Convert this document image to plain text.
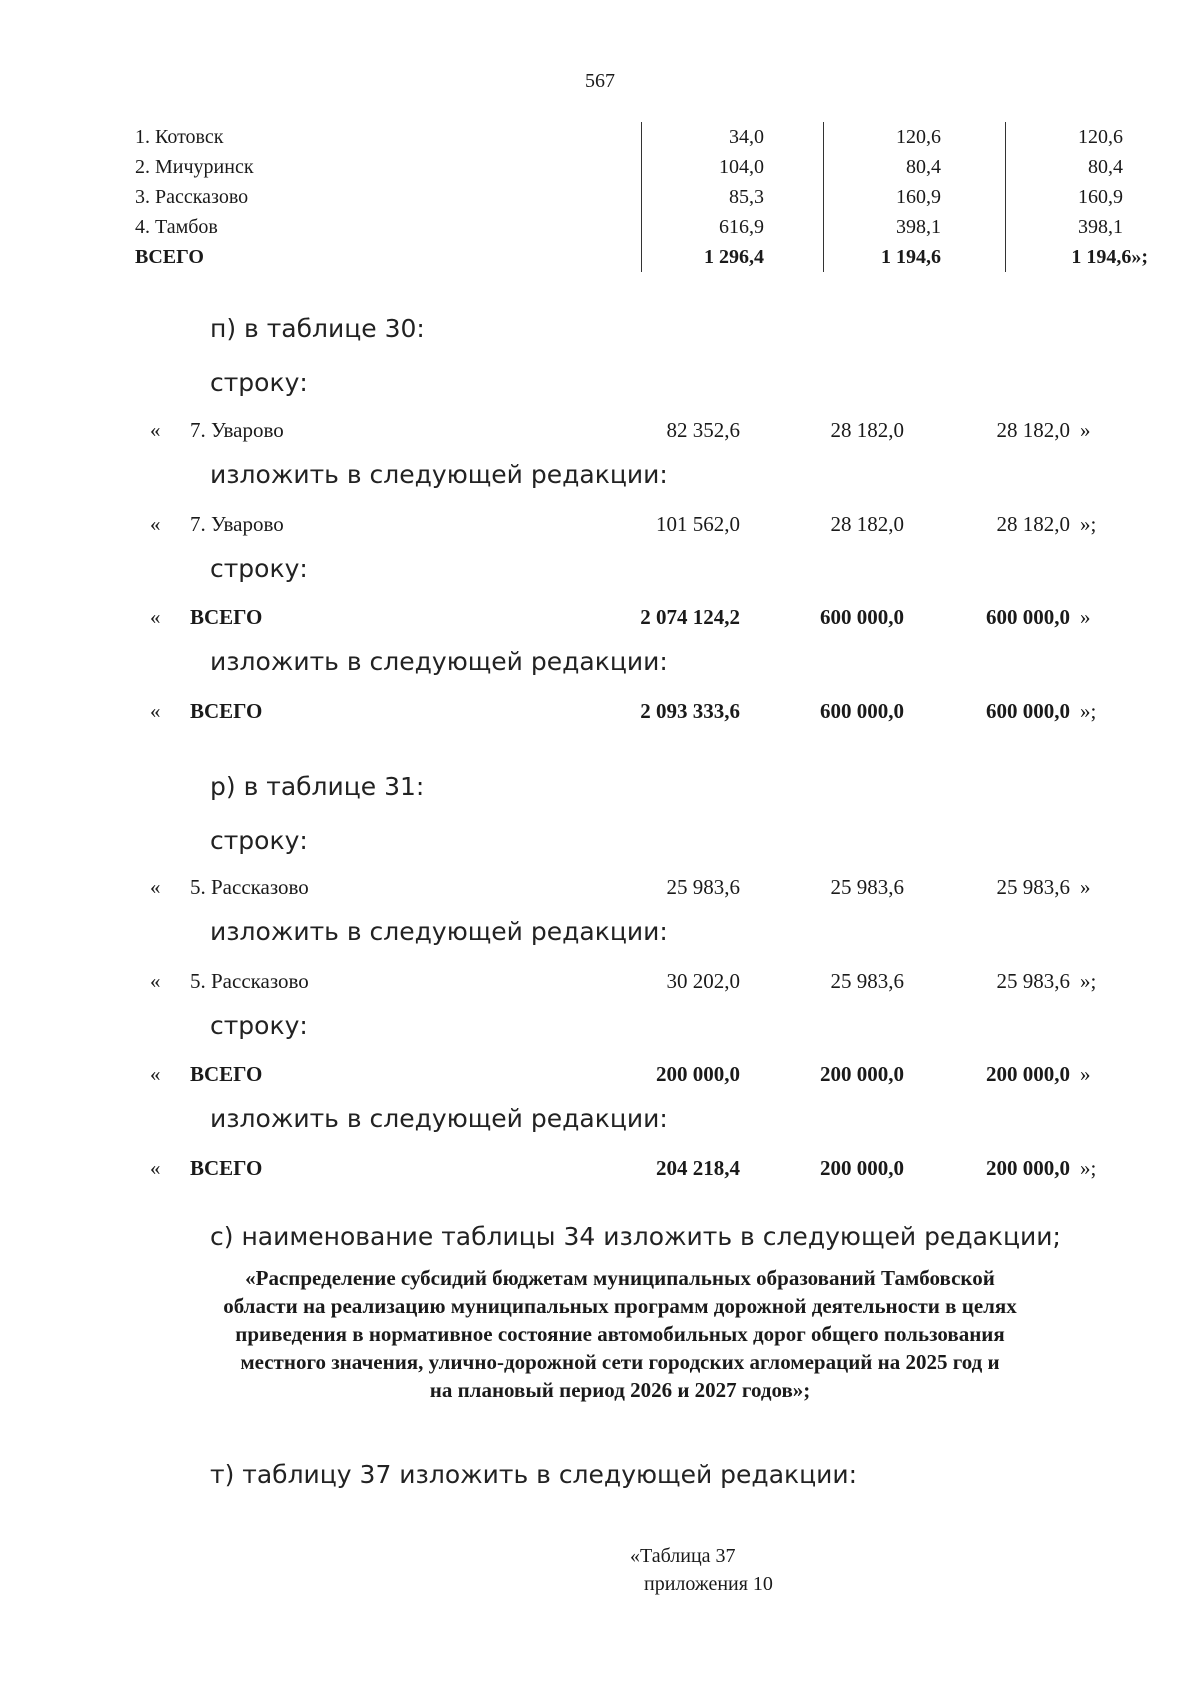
567
1. Котовск	34,0	120,6	120,6
2. Мичуринск	104,0	80,4	80,4
3. Рассказово	85,3	160,9	160,9
4. Тамбов	616,9	398,1	398,1
ВСЕГО	1 296,4	1 194,6	1 194,6»;
п) в таблице 30:
строку:
« 7. Уварово	82 352,6	28 182,0	28 182,0 »
изложить в следующей редакции:
« 7. Уварово	101 562,0	28 182,0	28 182,0 »;
строку:
« ВСЕГО	2 074 124,2	600 000,0	600 000,0 »
изложить в следующей редакции:
« ВСЕГО	2 093 333,6	600 000,0	600 000,0 »;
р) в таблице 31:
строку:
« 5. Рассказово	25 983,6	25 983,6	25 983,6 »
изложить в следующей редакции:
« 5. Рассказово	30 202,0	25 983,6	25 983,6 »;
строку:
« ВСЕГО	200 000,0	200 000,0	200 000,0 »
изложить в следующей редакции:
« ВСЕГО	204 218,4	200 000,0	200 000,0 »;
с) наименование таблицы 34 изложить в следующей редакции;
«Распределение субсидий бюджетам муниципальных образований Тамбовской
области на реализацию муниципальных программ дорожной деятельности в целях
приведения в нормативное состояние автомобильных дорог общего пользования
местного значения, улично-дорожной сети городских агломераций на 2025 год и
на плановый период 2026 и 2027 годов»;
т) таблицу 37 изложить в следующей редакции:
«Таблица 37
приложения 10
